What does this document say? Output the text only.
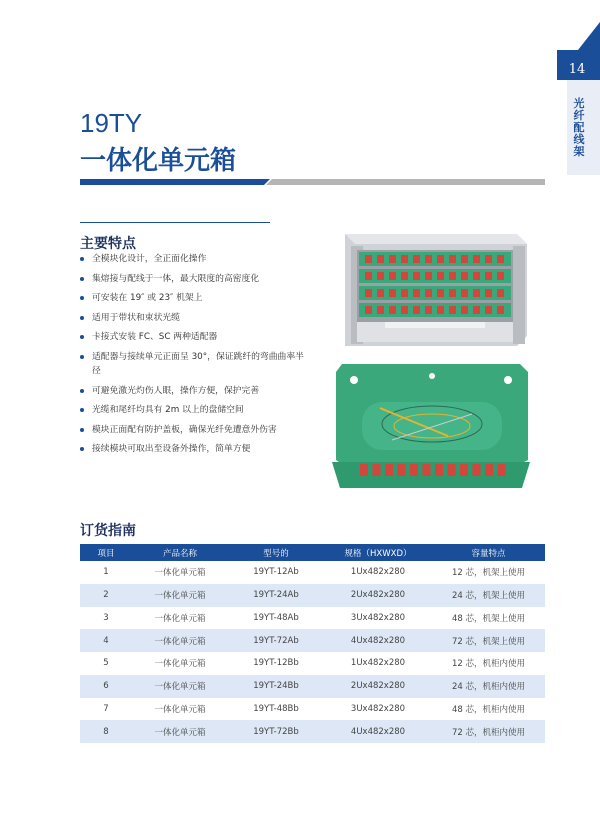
14
光
纤
配
线
架
19TY
一体化单元箱
主要特点
全模块化设计，全正面化操作
集熔接与配线于一体，最大限度的高密度化
可安装在 19″ 或 23″ 机架上
适用于带状和束状光缆
卡接式安装 FC、SC 两种适配器
适配器与接续单元正面呈 30°，保证跳纤的弯曲曲率半径
可避免激光灼伤人眼，操作方便，保护完善
光缆和尾纤均具有 2m 以上的盘储空间
模块正面配有防护盖板，确保光纤免遭意外伤害
接续模块可取出至设备外操作，简单方便
订货指南
项目	产品名称	型号的	规格（HXWXD）	容量特点
1	一体化单元箱	19YT-12Ab	1Ux482x280	12 芯，机架上使用
2	一体化单元箱	19YT-24Ab	2Ux482x280	24 芯，机架上使用
3	一体化单元箱	19YT-48Ab	3Ux482x280	48 芯，机架上使用
4	一体化单元箱	19YT-72Ab	4Ux482x280	72 芯，机架上使用
5	一体化单元箱	19YT-12Bb	1Ux482x280	12 芯，机柜内使用
6	一体化单元箱	19YT-24Bb	2Ux482x280	24 芯，机柜内使用
7	一体化单元箱	19YT-48Bb	3Ux482x280	48 芯，机柜内使用
8	一体化单元箱	19YT-72Bb	4Ux482x280	72 芯，机柜内使用
